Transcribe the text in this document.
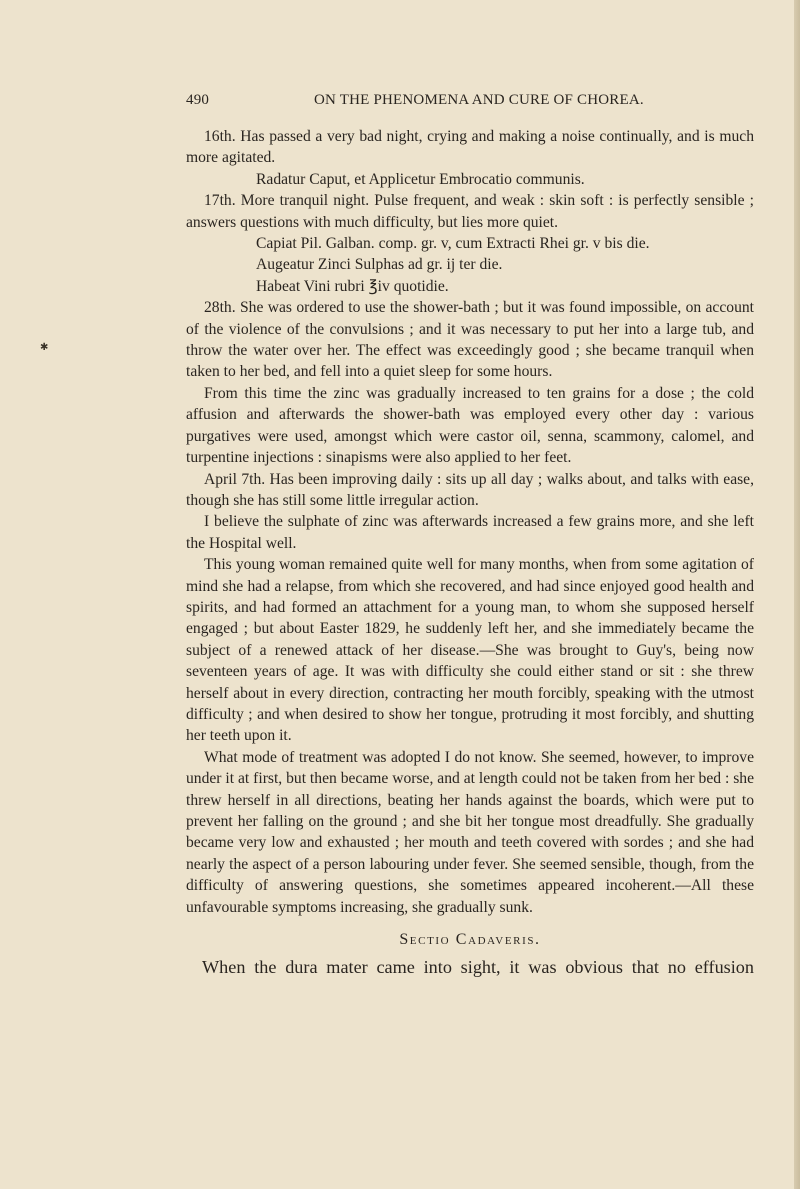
✱
490	ON THE PHENOMENA AND CURE OF CHOREA.

16th. Has passed a very bad night, crying and making a noise continually, and is much more agitated.

Radatur Caput, et Applicetur Embrocatio communis.

17th. More tranquil night. Pulse frequent, and weak : skin soft : is perfectly sensible ; answers questions with much difficulty, but lies more quiet.

Capiat Pil. Galban. comp. gr. v, cum Extracti Rhei gr. v bis die.

Augeatur Zinci Sulphas ad gr. ij ter die.

Habeat Vini rubri ℥iv quotidie.

28th. She was ordered to use the shower-bath ; but it was found impossible, on account of the violence of the convulsions ; and it was necessary to put her into a large tub, and throw the water over her. The effect was exceedingly good ; she became tranquil when taken to her bed, and fell into a quiet sleep for some hours.

From this time the zinc was gradually increased to ten grains for a dose ; the cold affusion and afterwards the shower-bath was employed every other day : various purgatives were used, amongst which were castor oil, senna, scammony, calomel, and turpentine injections : sinapisms were also applied to her feet.

April 7th. Has been improving daily : sits up all day ; walks about, and talks with ease, though she has still some little irregular action.

I believe the sulphate of zinc was afterwards increased a few grains more, and she left the Hospital well.

This young woman remained quite well for many months, when from some agitation of mind she had a relapse, from which she recovered, and had since enjoyed good health and spirits, and had formed an attachment for a young man, to whom she supposed herself engaged ; but about Easter 1829, he suddenly left her, and she immediately became the subject of a renewed attack of her disease.—She was brought to Guy's, being now seventeen years of age. It was with difficulty she could either stand or sit : she threw herself about in every direction, contracting her mouth forcibly, speaking with the utmost difficulty ; and when desired to show her tongue, protruding it most forcibly, and shutting her teeth upon it.

What mode of treatment was adopted I do not know. She seemed, however, to improve under it at first, but then became worse, and at length could not be taken from her bed : she threw herself in all directions, beating her hands against the boards, which were put to prevent her falling on the ground ; and she bit her tongue most dreadfully. She gradually became very low and exhausted ; her mouth and teeth covered with sordes ; and she had nearly the aspect of a person labouring under fever. She seemed sensible, though, from the difficulty of answering questions, she sometimes appeared incoherent.—All these unfavourable symptoms increasing, she gradually sunk.

Sectio Cadaveris.

When the dura mater came into sight, it was obvious that no effusion
